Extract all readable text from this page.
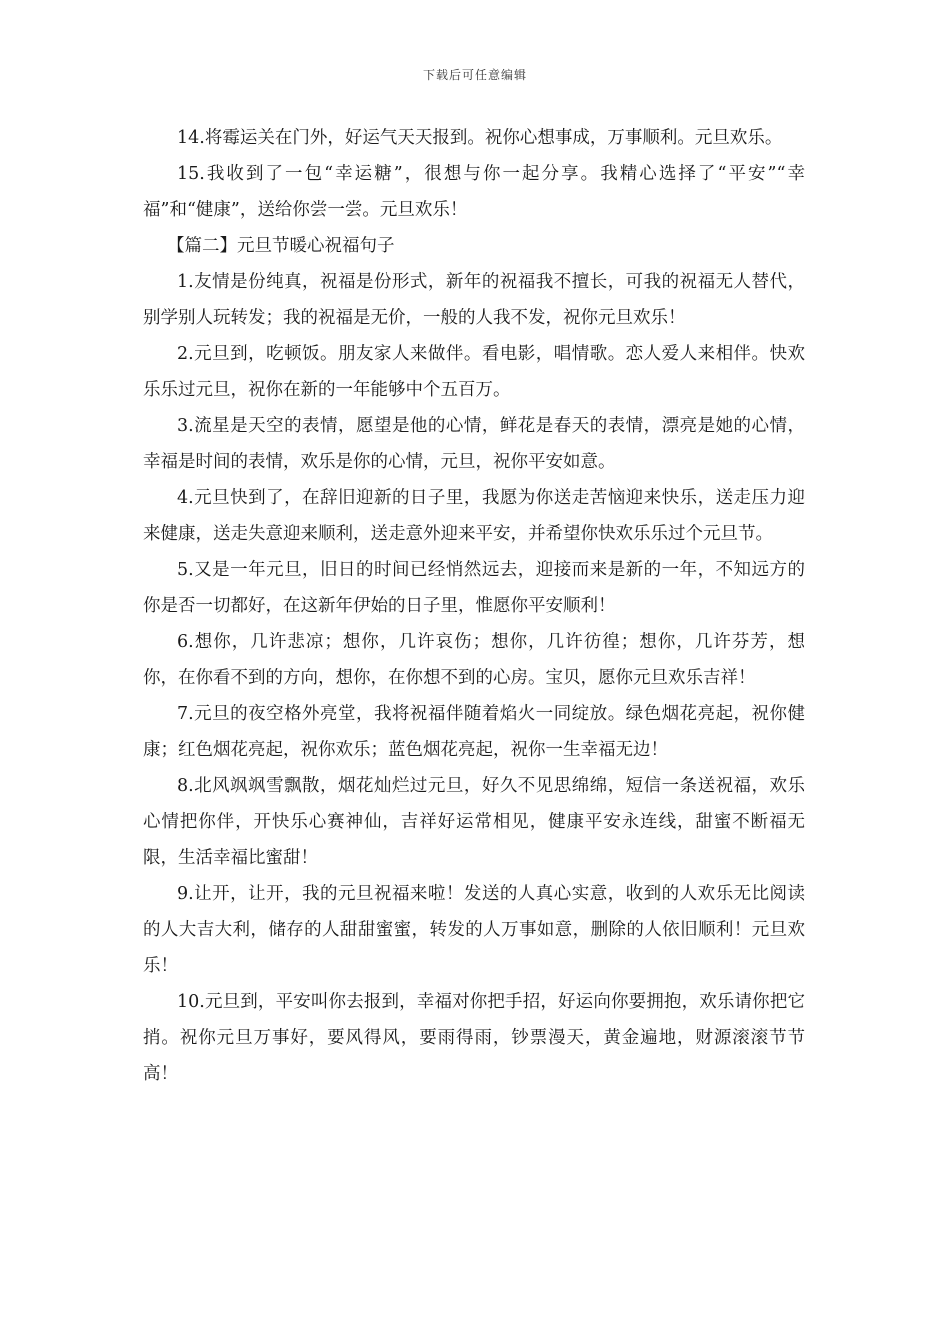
下载后可任意编辑

14.将霉运关在门外，好运气天天报到。祝你心想事成，万事顺利。元旦欢乐。

15.我收到了一包“幸运糖”，很想与你一起分享。我精心选择了“平安”“幸福”和“健康”，送给你尝一尝。元旦欢乐！

【篇二】元旦节暖心祝福句子

1.友情是份纯真，祝福是份形式，新年的祝福我不擅长，可我的祝福无人替代，别学别人玩转发；我的祝福是无价，一般的人我不发，祝你元旦欢乐！

2.元旦到，吃顿饭。朋友家人来做伴。看电影，唱情歌。恋人爱人来相伴。快欢乐乐过元旦，祝你在新的一年能够中个五百万。

3.流星是天空的表情，愿望是他的心情，鲜花是春天的表情，漂亮是她的心情，幸福是时间的表情，欢乐是你的心情，元旦，祝你平安如意。

4.元旦快到了，在辞旧迎新的日子里，我愿为你送走苦恼迎来快乐，送走压力迎来健康，送走失意迎来顺利，送走意外迎来平安，并希望你快欢乐乐过个元旦节。

5.又是一年元旦，旧日的时间已经悄然远去，迎接而来是新的一年，不知远方的你是否一切都好，在这新年伊始的日子里，惟愿你平安顺利！

6.想你，几许悲凉；想你，几许哀伤；想你，几许彷徨；想你，几许芬芳，想你，在你看不到的方向，想你，在你想不到的心房。宝贝，愿你元旦欢乐吉祥！

7.元旦的夜空格外亮堂，我将祝福伴随着焰火一同绽放。绿色烟花亮起，祝你健康；红色烟花亮起，祝你欢乐；蓝色烟花亮起，祝你一生幸福无边！

8.北风飒飒雪飘散，烟花灿烂过元旦，好久不见思绵绵，短信一条送祝福，欢乐心情把你伴，开快乐心赛神仙，吉祥好运常相见，健康平安永连线，甜蜜不断福无限，生活幸福比蜜甜！

9.让开，让开，我的元旦祝福来啦！发送的人真心实意，收到的人欢乐无比阅读的人大吉大利，储存的人甜甜蜜蜜，转发的人万事如意，删除的人依旧顺利！元旦欢乐！

10.元旦到，平安叫你去报到，幸福对你把手招，好运向你要拥抱，欢乐请你把它捎。祝你元旦万事好，要风得风，要雨得雨，钞票漫天，黄金遍地，财源滚滚节节高！
